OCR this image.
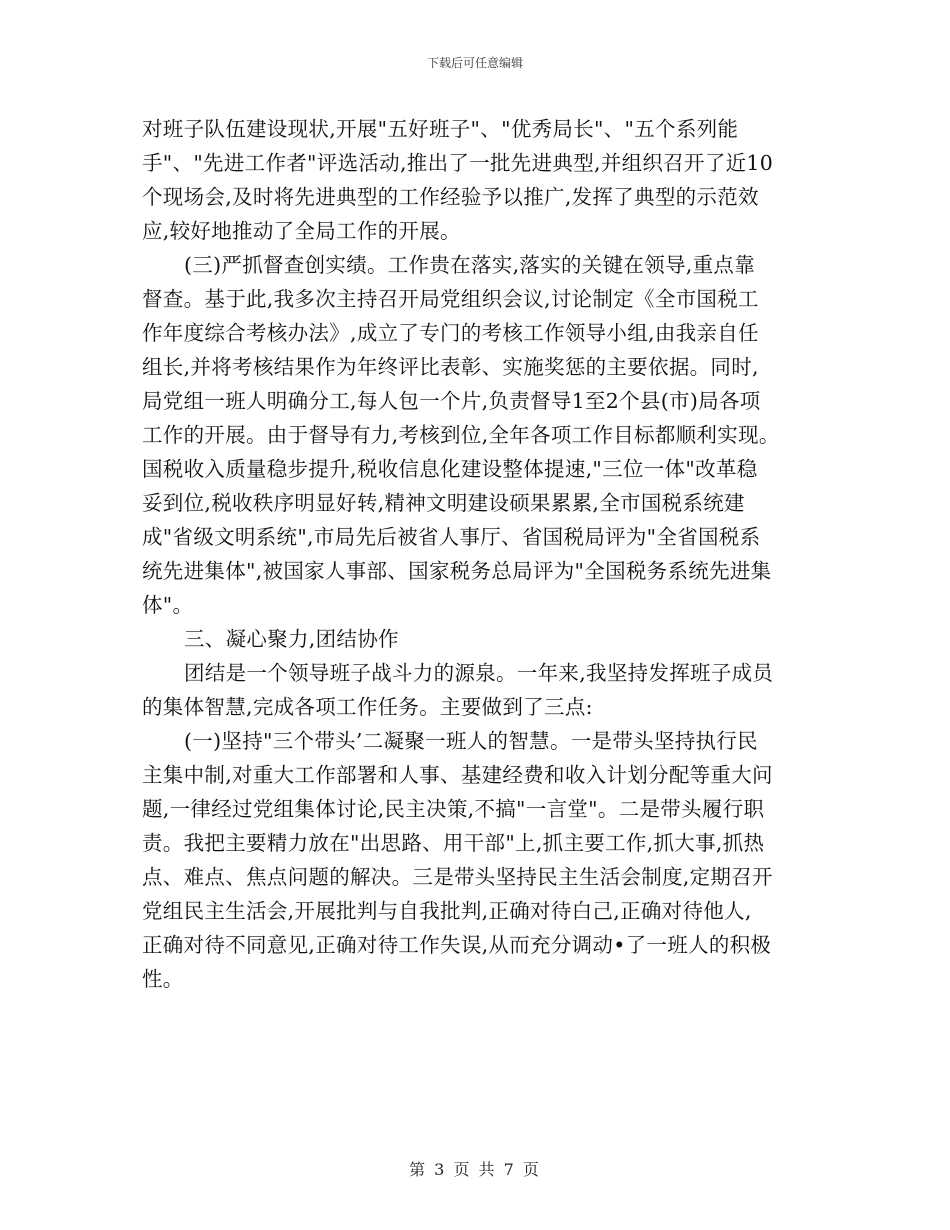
下载后可任意编辑
对班子队伍建设现状,开展"五好班子"、"优秀局长"、"五个系列能
手"、"先进工作者"评选活动,推出了一批先进典型,并组织召开了近10
个现场会,及时将先进典型的工作经验予以推广,发挥了典型的示范效
应,较好地推动了全局工作的开展。
(三)严抓督查创实绩。工作贵在落实,落实的关键在领导,重点靠
督查。基于此,我多次主持召开局党组织会议,讨论制定《全市国税工
作年度综合考核办法》,成立了专门的考核工作领导小组,由我亲自任
组长,并将考核结果作为年终评比表彰、实施奖惩的主要依据。同时,
局党组一班人明确分工,每人包一个片,负责督导1至2个县(市)局各项
工作的开展。由于督导有力,考核到位,全年各项工作目标都顺利实现。
国税收入质量稳步提升,税收信息化建设整体提速,"三位一体"改革稳
妥到位,税收秩序明显好转,精神文明建设硕果累累,全市国税系统建
成"省级文明系统",市局先后被省人事厅、省国税局评为"全省国税系
统先进集体",被国家人事部、国家税务总局评为"全国税务系统先进集
体"。
三、凝心聚力,团结协作
团结是一个领导班子战斗力的源泉。一年来,我坚持发挥班子成员
的集体智慧,完成各项工作任务。主要做到了三点:
(一)坚持"三个带头’二凝聚一班人的智慧。一是带头坚持执行民
主集中制,对重大工作部署和人事、基建经费和收入计划分配等重大问
题,一律经过党组集体讨论,民主决策,不搞"一言堂"。二是带头履行职
责。我把主要精力放在"出思路、用干部"上,抓主要工作,抓大事,抓热
点、难点、焦点问题的解决。三是带头坚持民主生活会制度,定期召开
党组民主生活会,开展批判与自我批判,正确对待白己,正确对待他人,
正确对待不同意见,正确对待工作失误,从而充分调动•了一班人的积极
性。
第 3 页 共 7 页
